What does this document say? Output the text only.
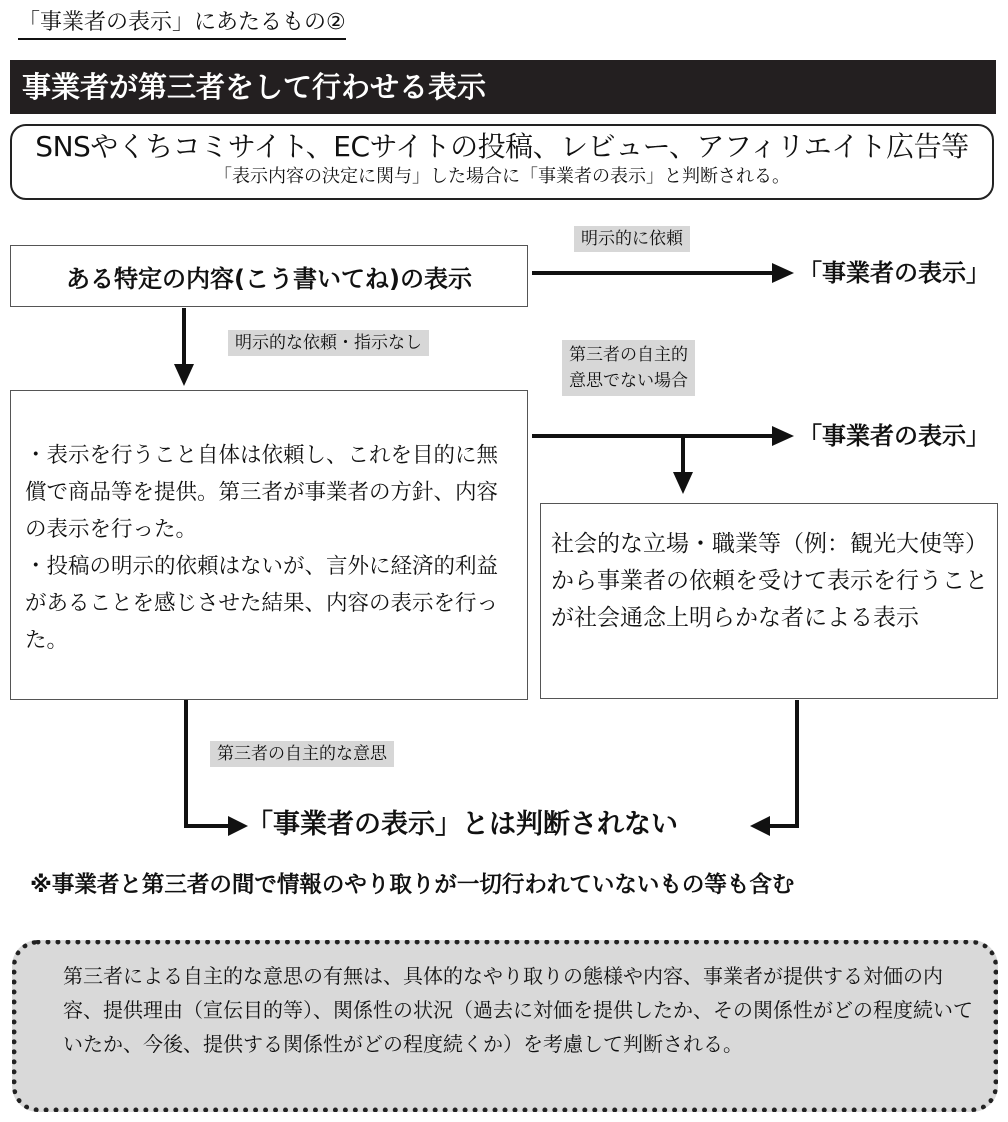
「事業者の表示」にあたるもの②
事業者が第三者をして行わせる表示
SNSやくちコミサイト、ECサイトの投稿、レビュー、アフィリエイト広告等
「表示内容の決定に関与」した場合に「事業者の表示」と判断される。
ある特定の内容(こう書いてね)の表示
明示的に依頼
「事業者の表示」
明示的な依頼・指示なし
第三者の自主的
意思でない場合
「事業者の表示」

・表示を行うこと自体は依頼し、これを目的に無償で商品等を提供。第三者が事業者の方針、内容の表示を行った。

・投稿の明示的依頼はないが、言外に経済的利益があることを感じさせた結果、内容の表示を行った。

社会的な立場・職業等（例：観光大使等）から事業者の依頼を受けて表示を行うことが社会通念上明らかな者による表示
第三者の自主的な意思
「事業者の表示」とは判断されない
※事業者と第三者の間で情報のやり取りが一切行われていないもの等も含む
第三者による自主的な意思の有無は、具体的なやり取りの態様や内容、事業者が提供する対価の内容、提供理由（宣伝目的等）、関係性の状況（過去に対価を提供したか、その関係性がどの程度続いていたか、今後、提供する関係性がどの程度続くか）を考慮して判断される。
